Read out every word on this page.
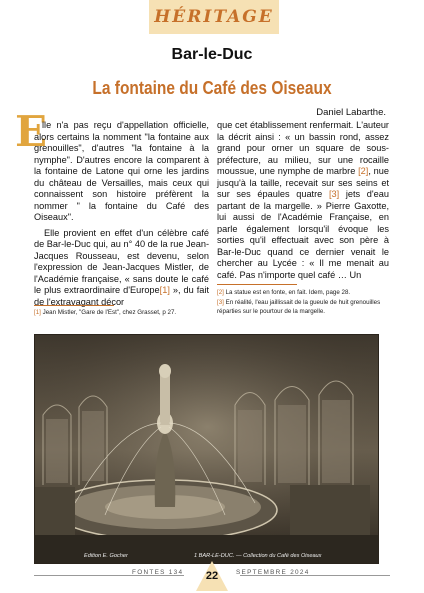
HÉRITAGE
Bar-le-Duc
La fontaine du Café des Oiseaux
Daniel Labarthe.
E

lle n'a pas reçu d'appellation officielle, alors certains la nomment "la fontaine aux grenouilles", d'autres "la fontaine à la nymphe". D'autres encore la comparent à la fontaine de Latone qui orne les jardins du château de Versailles, mais ceux qui connaissent son histoire préfèrent la nommer " la fontaine du Café des Oiseaux".

Elle provient en effet d'un célèbre café de Bar-le-Duc qui, au n° 40 de la rue Jean-Jacques Rousseau, est devenu, selon l'expression de Jean-Jacques Mistler, de l'Académie française, « sans doute le café le plus extraordinaire d'Europe[1] », du fait de l'extravagant décor

[1] Jean Mistler, "Gare de l'Est", chez Grasset, p 27.

que cet établissement renfermait. L'auteur la décrit ainsi : « un bassin rond, assez grand pour orner un square de sous-préfecture, au milieu, sur une rocaille moussue, une nymphe de marbre [2], nue jusqu'à la taille, recevait sur ses seins et sur ses épaules quatre [3] jets d'eau partant de la margelle. » Pierre Gaxotte, lui aussi de l'Académie Française, en parle également lorsqu'il évoque les sorties qu'il effectuait avec son père à Bar-le-Duc quand ce dernier venait le chercher au Lycée : « Il me menait au café. Pas n'importe quel café … Un

[2] La statue est en fonte, en fait. Idem, page 28.
[3] En réalité, l'eau jaillissait de la gueule de huit grenouilles réparties sur le pourtour de la margelle.
Edition E. Gocher	1 BAR-LE-DUC. — Collection du Café des Oiseaux
FONTES 134	22	SEPTEMBRE 2024
